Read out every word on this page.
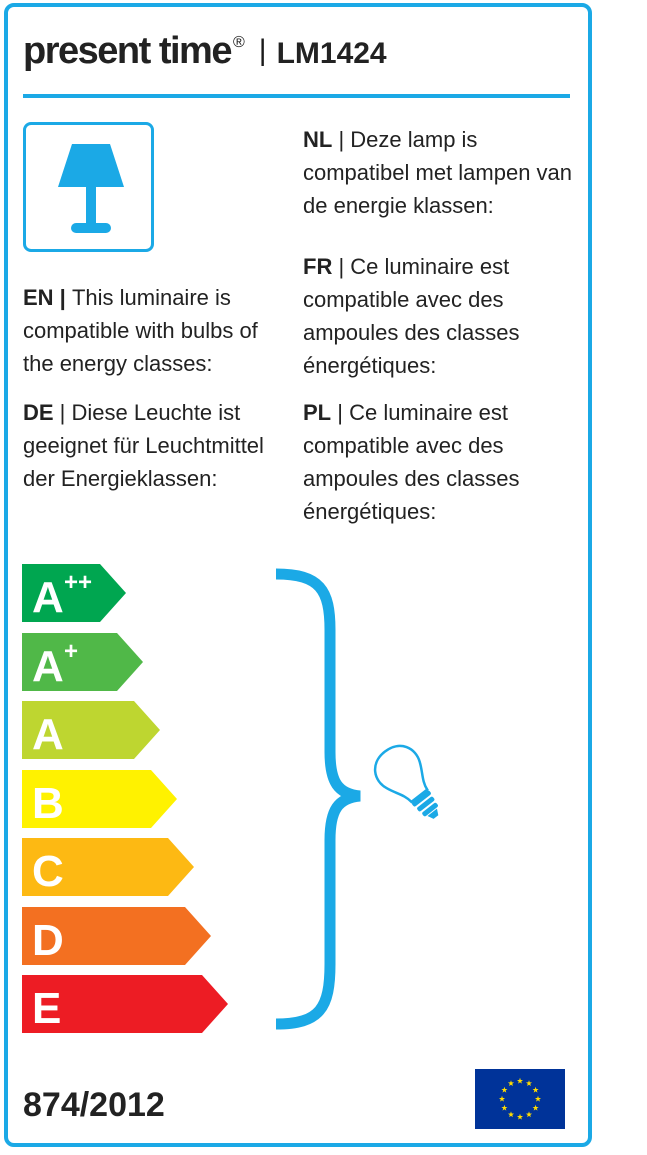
present time ® | LM1424
EN | This luminaire is compatible with bulbs of the energy classes:
DE | Diese Leuchte ist geeignet für Leuchtmittel der Energieklassen:
NL | Deze lamp is compatibel met lampen van de energie klassen:
FR | Ce luminaire est compatible avec des ampoules des classes énergétiques:
PL | Ce luminaire est compatible avec des ampoules des classes énergétiques:
A ++
A +
A
B
C
D
E
874/2012
